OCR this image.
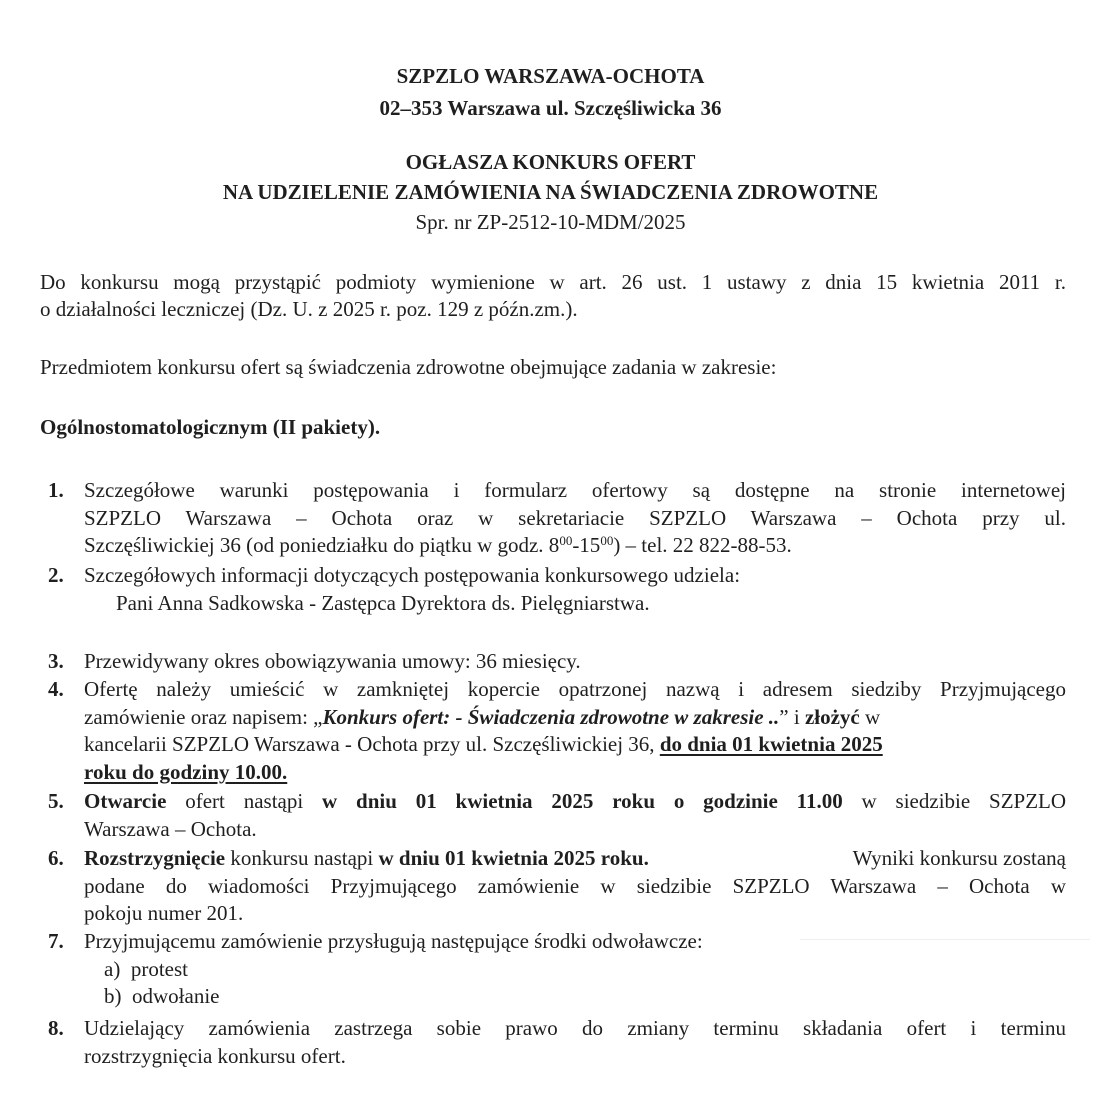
SZPZLO WARSZAWA-OCHOTA
02–353 Warszawa ul. Szczęśliwicka 36
OGŁASZA KONKURS OFERT
NA UDZIELENIE ZAMÓWIENIA NA ŚWIADCZENIA ZDROWOTNE
Spr. nr ZP-2512-10-MDM/2025
Do konkursu mogą przystąpić podmioty wymienione w art. 26 ust. 1 ustawy z dnia 15 kwietnia 2011 r.
o działalności leczniczej (Dz. U. z 2025 r. poz. 129 z późn.zm.).
Przedmiotem konkursu ofert są świadczenia zdrowotne obejmujące zadania w zakresie:
Ogólnostomatologicznym (II pakiety).
1. Szczegółowe warunki postępowania i formularz ofertowy są dostępne na stronie internetowej
SZPZLO Warszawa – Ochota oraz w sekretariacie SZPZLO Warszawa – Ochota przy ul.
Szczęśliwickiej 36 (od poniedziałku do piątku w godz. $8^{00}-15^{00}$) – tel. 22 822-88-53.
2. Szczegółowych informacji dotyczących postępowania konkursowego udziela:
Pani Anna Sadkowska - Zastępca Dyrektora ds. Pielęgniarstwa.
3. Przewidywany okres obowiązywania umowy: 36 miesięcy.
4. Ofertę należy umieścić w zamkniętej kopercie opatrzonej nazwą i adresem siedziby Przyjmującego
zamówienie oraz napisem: „Konkurs ofert: - Świadczenia zdrowotne w zakresie ..” i złożyć w
kancelarii SZPZLO Warszawa - Ochota przy ul. Szczęśliwickiej 36, do dnia 01 kwietnia 2025
roku do godziny 10.00.
5. Otwarcie ofert nastąpi w dniu 01 kwietnia 2025 roku o godzinie 11.00 w siedzibie SZPZLO
Warszawa – Ochota.
6. Rozstrzygnięcie konkursu nastąpi w dniu 01 kwietnia 2025 roku.	Wyniki konkursu zostaną
podane do wiadomości Przyjmującego zamówienie w siedzibie SZPZLO Warszawa – Ochota w
pokoju numer 201.
7. Przyjmującemu zamówienie przysługują następujące środki odwoławcze:
a) protest
b) odwołanie
8. Udzielający zamówienia zastrzega sobie prawo do zmiany terminu składania ofert i terminu
rozstrzygnięcia konkursu ofert.
